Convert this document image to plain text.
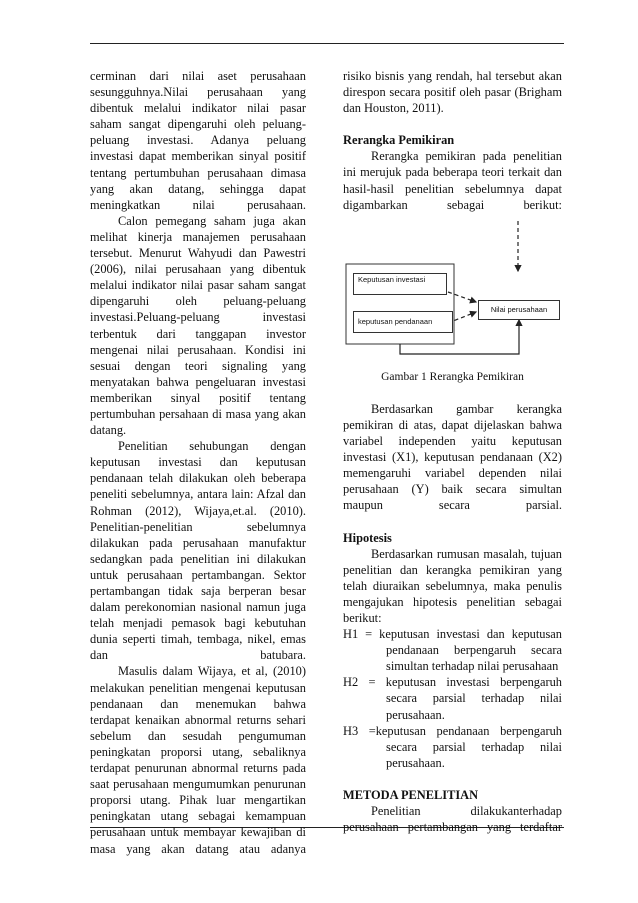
cerminan dari nilai aset perusahaan sesungguhnya.Nilai perusahaan yang dibentuk melalui indikator nilai pasar saham sangat dipengaruhi oleh peluang-peluang investasi. Adanya peluang investasi dapat memberikan sinyal positif tentang pertumbuhan perusahaan dimasa yang akan datang, sehingga dapat meningkatkan nilai perusahaan.

Calon pemegang saham juga akan melihat kinerja manajemen perusahaan tersebut. Menurut Wahyudi dan Pawestri (2006), nilai perusahaan yang dibentuk melalui indikator nilai pasar saham sangat dipengaruhi oleh peluang-peluang investasi.Peluang-peluang investasi terbentuk dari tanggapan investor mengenai nilai perusahaan. Kondisi ini sesuai dengan teori signaling yang menyatakan bahwa pengeluaran investasi memberikan sinyal positif tentang pertumbuhan persahaan di masa yang akan datang.

Penelitian sehubungan dengan keputusan investasi dan keputusan pendanaan telah dilakukan oleh beberapa peneliti sebelumnya, antara lain: Afzal dan Rohman (2012), Wijaya,et.al. (2010). Penelitian-penelitian sebelumnya dilakukan pada perusahaan manufaktur sedangkan pada penelitian ini dilakukan untuk perusahaan pertambangan. Sektor pertambangan tidak saja berperan besar dalam perekonomian nasional namun juga telah menjadi pemasok bagi kebutuhan dunia seperti timah, tembaga, nikel, emas dan batubara.

Masulis dalam Wijaya, et al, (2010) melakukan penelitian mengenai keputusan pendanaan dan menemukan bahwa terdapat kenaikan abnormal returns sehari sebelum dan sesudah pengumuman peningkatan proporsi utang, sebaliknya terdapat penurunan abnormal returns pada saat perusahaan mengumumkan penurunan proporsi utang. Pihak luar mengartikan peningkatan utang sebagai kemampuan perusahaan untuk membayar kewajiban di masa yang akan datang atau adanya

risiko bisnis yang rendah, hal tersebut akan direspon secara positif oleh pasar (Brigham dan Houston, 2011).

Rerangka Pemikiran

Rerangka pemikiran pada penelitian ini merujuk pada beberapa teori terkait dan hasil-hasil penelitian sebelumnya dapat digambarkan sebagai berikut:

Keputusan investasi
keputusan pendanaan
Nilai perusahaan

Gambar 1 Rerangka Pemikiran

Berdasarkan gambar kerangka pemikiran di atas, dapat dijelaskan bahwa variabel independen yaitu keputusan investasi (X1), keputusan pendanaan (X2) memengaruhi variabel dependen nilai perusahaan (Y) baik secara simultan maupun secara parsial.

Hipotesis

Berdasarkan rumusan masalah, tujuan penelitian dan kerangka pemikiran yang telah diuraikan sebelumnya, maka penulis mengajukan hipotesis penelitian sebagai berikut:

H1 = keputusan investasi dan keputusan

pendanaan berpengaruh secara simultan terhadap nilai perusahaan

H2 = keputusan investasi berpengaruh

secara parsial terhadap nilai perusahaan.

H3 =keputusan pendanaan berpengaruh

secara parsial terhadap nilai perusahaan.

METODA PENELITIAN

Penelitian dilakukanterhadap perusahaan pertambangan yang terdaftar
